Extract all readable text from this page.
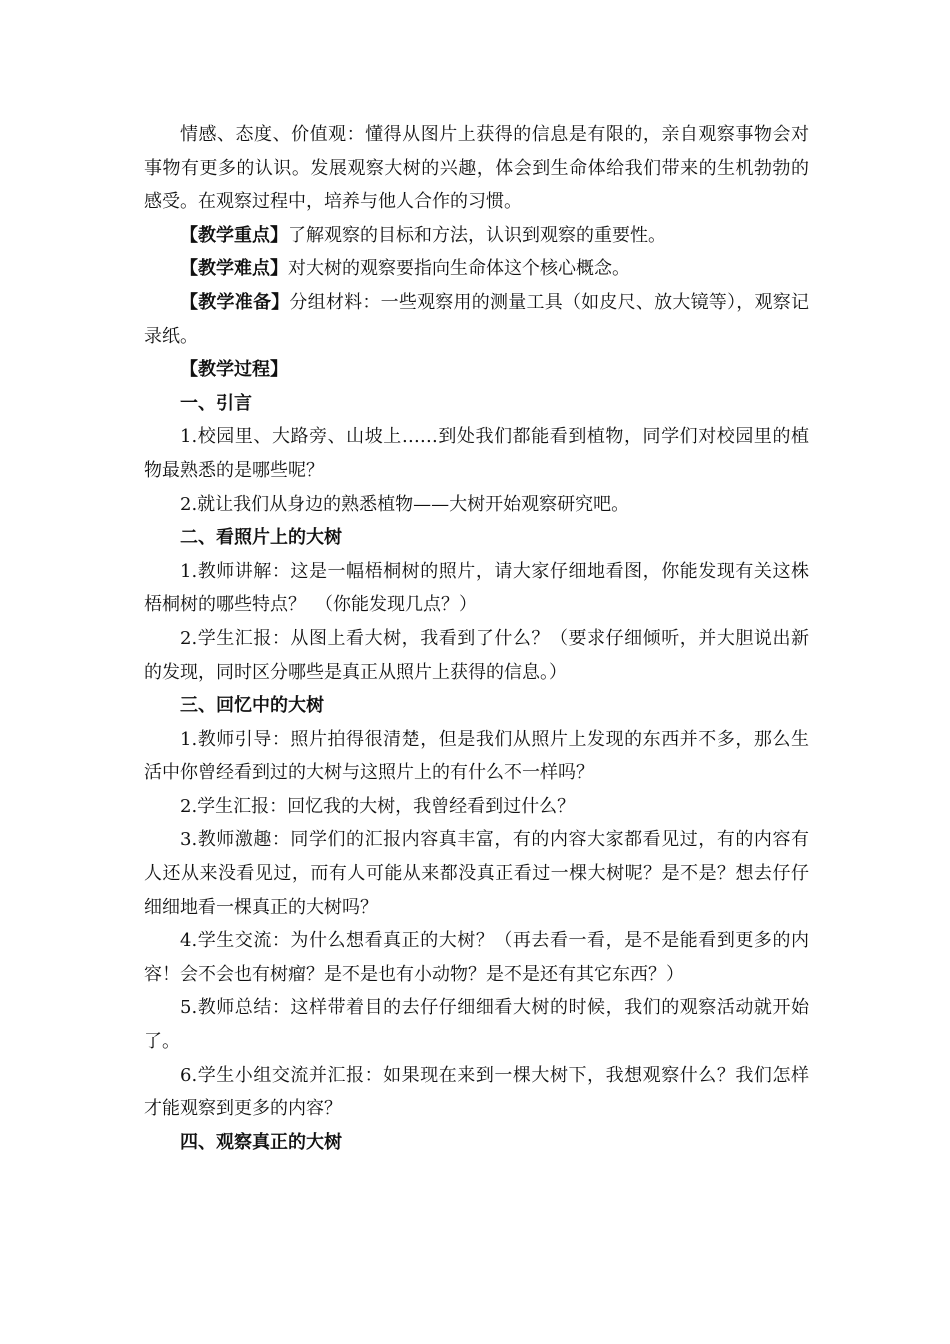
情感、态度、价值观：懂得从图片上获得的信息是有限的，亲自观察事物会对事物有更多的认识。发展观察大树的兴趣，体会到生命体给我们带来的生机勃勃的感受。在观察过程中，培养与他人合作的习惯。

【教学重点】了解观察的目标和方法，认识到观察的重要性。

【教学难点】对大树的观察要指向生命体这个核心概念。

【教学准备】分组材料：一些观察用的测量工具（如皮尺、放大镜等），观察记录纸。

【教学过程】

一、引言

1.校园里、大路旁、山坡上……到处我们都能看到植物，同学们对校园里的植物最熟悉的是哪些呢？

2.就让我们从身边的熟悉植物——大树开始观察研究吧。

二、看照片上的大树

1.教师讲解：这是一幅梧桐树的照片，请大家仔细地看图，你能发现有关这株梧桐树的哪些特点？　（你能发现几点？）

2.学生汇报：从图上看大树，我看到了什么？（要求仔细倾听，并大胆说出新的发现，同时区分哪些是真正从照片上获得的信息。）

三、回忆中的大树

1.教师引导：照片拍得很清楚，但是我们从照片上发现的东西并不多，那么生活中你曾经看到过的大树与这照片上的有什么不一样吗？

2.学生汇报：回忆我的大树，我曾经看到过什么？

3.教师激趣：同学们的汇报内容真丰富，有的内容大家都看见过，有的内容有人还从来没看见过，而有人可能从来都没真正看过一棵大树呢？是不是？想去仔仔细细地看一棵真正的大树吗？

4.学生交流：为什么想看真正的大树？（再去看一看，是不是能看到更多的内容！会不会也有树瘤？是不是也有小动物？是不是还有其它东西？）

5.教师总结：这样带着目的去仔仔细细看大树的时候，我们的观察活动就开始了。

6.学生小组交流并汇报：如果现在来到一棵大树下，我想观察什么？我们怎样才能观察到更多的内容？

四、观察真正的大树
